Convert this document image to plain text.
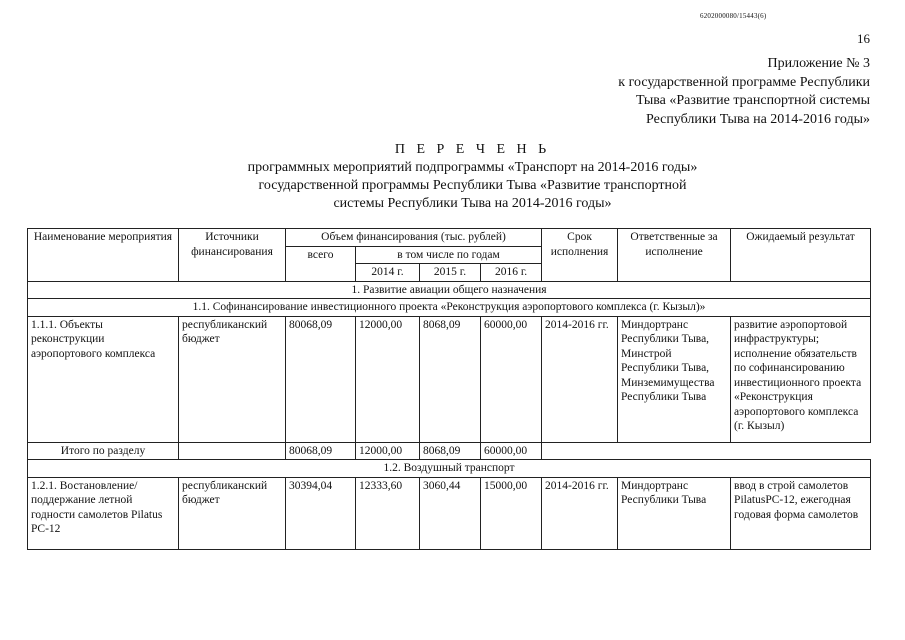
6202000080/15443(6)
16
Приложение № 3
к государственной программе Республики
Тыва «Развитие транспортной системы
Республики Тыва на 2014-2016 годы»
П Е Р Е Ч Е Н Ь
программных мероприятий подпрограммы «Транспорт на 2014-2016 годы»
государственной программы Республики Тыва «Развитие транспортной
системы Республики Тыва на 2014-2016 годы»
Наименование мероприятия	Источники финансирования	Объем финансирования (тыс. рублей)				Срок исполнения	Ответственные за исполнение	Ожидаемый результат
		всего	в том числе по годам					
			2014 г.	2015 г.	2016 г.			
1. Развитие авиации общего назначения								
1.1. Софинансирование инвестиционного проекта «Реконструкция аэропортового комплекса (г. Кызыл)»								
1.1.1. Объекты реконструкции аэропортового комплекса	республиканский бюджет	80068,09	12000,00	8068,09	60000,00	2014-2016 гг.	Миндортранс Республики Тыва, Минстрой Республики Тыва, Минземимущества Республики Тыва	развитие аэропортовой инфраструктуры; исполнение обязательств по софинансированию инвестиционного проекта «Реконструкция аэропортового комплекса (г. Кызыл)
Итого по разделу		80068,09	12000,00	8068,09	60000,00			
1.2. Воздушный транспорт								
1.2.1. Востановление/ поддержание летной годности самолетов Pilatus PC-12	республиканский бюджет	30394,04	12333,60	3060,44	15000,00	2014-2016 гг.	Миндортранс Республики Тыва	ввод в строй самолетов PilatusPC-12, ежегодная годовая форма самолетов
